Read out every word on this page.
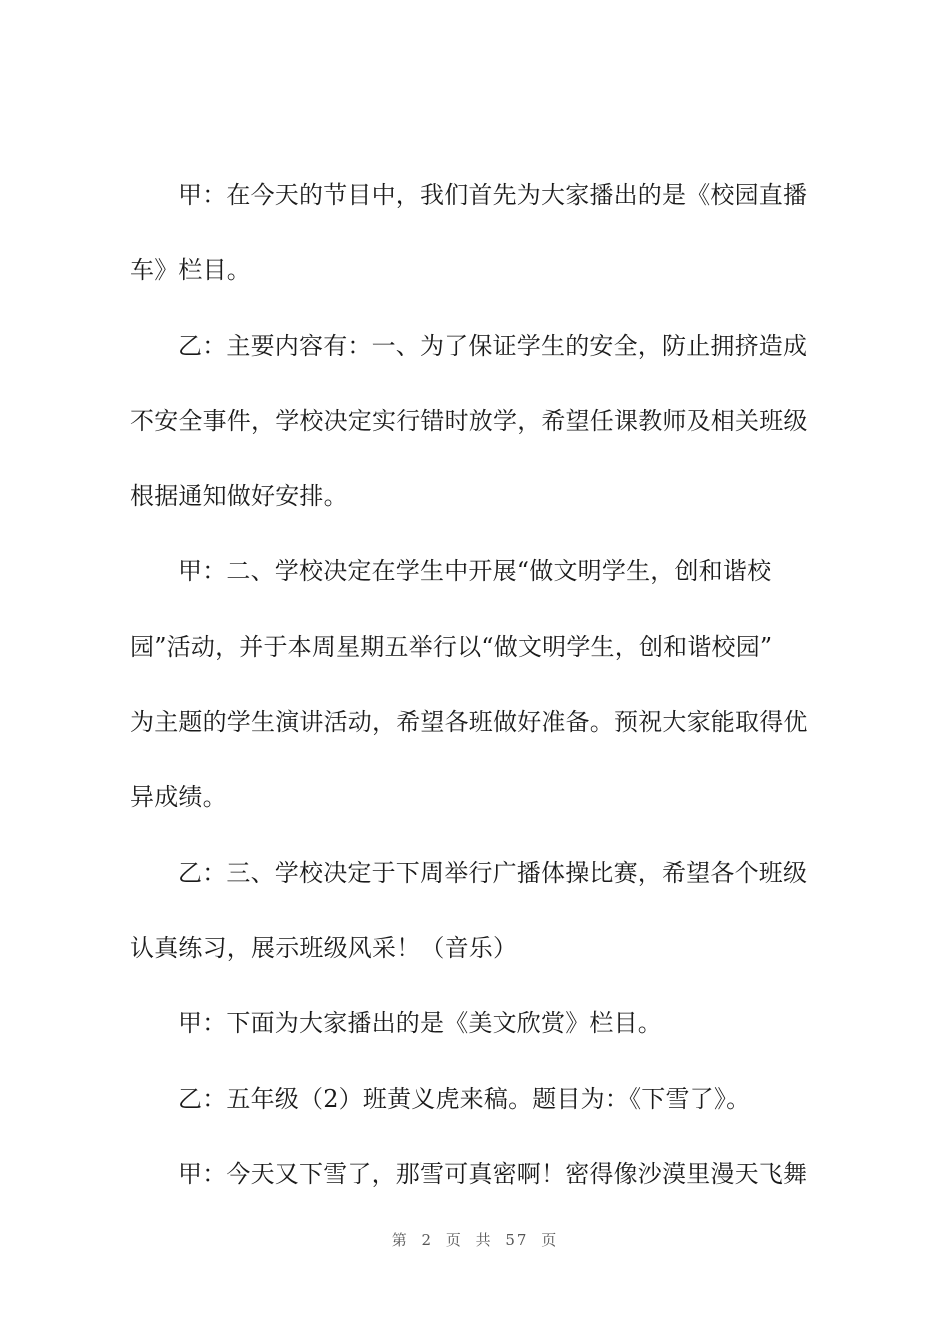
甲：在今天的节目中，我们首先为大家播出的是《校园直播
车》栏目。
乙：主要内容有：一、为了保证学生的安全，防止拥挤造成
不安全事件，学校决定实行错时放学，希望任课教师及相关班级
根据通知做好安排。
甲：二、学校决定在学生中开展“做文明学生，创和谐校
园”活动，并于本周星期五举行以“做文明学生，创和谐校园”
为主题的学生演讲活动，希望各班做好准备。预祝大家能取得优
异成绩。
乙：三、学校决定于下周举行广播体操比赛，希望各个班级
认真练习，展示班级风采！（音乐）
甲：下面为大家播出的是《美文欣赏》栏目。
乙：五年级（2）班黄义虎来稿。题目为：《下雪了》。
甲：今天又下雪了，那雪可真密啊！密得像沙漠里漫天飞舞
第 2 页 共 57 页
